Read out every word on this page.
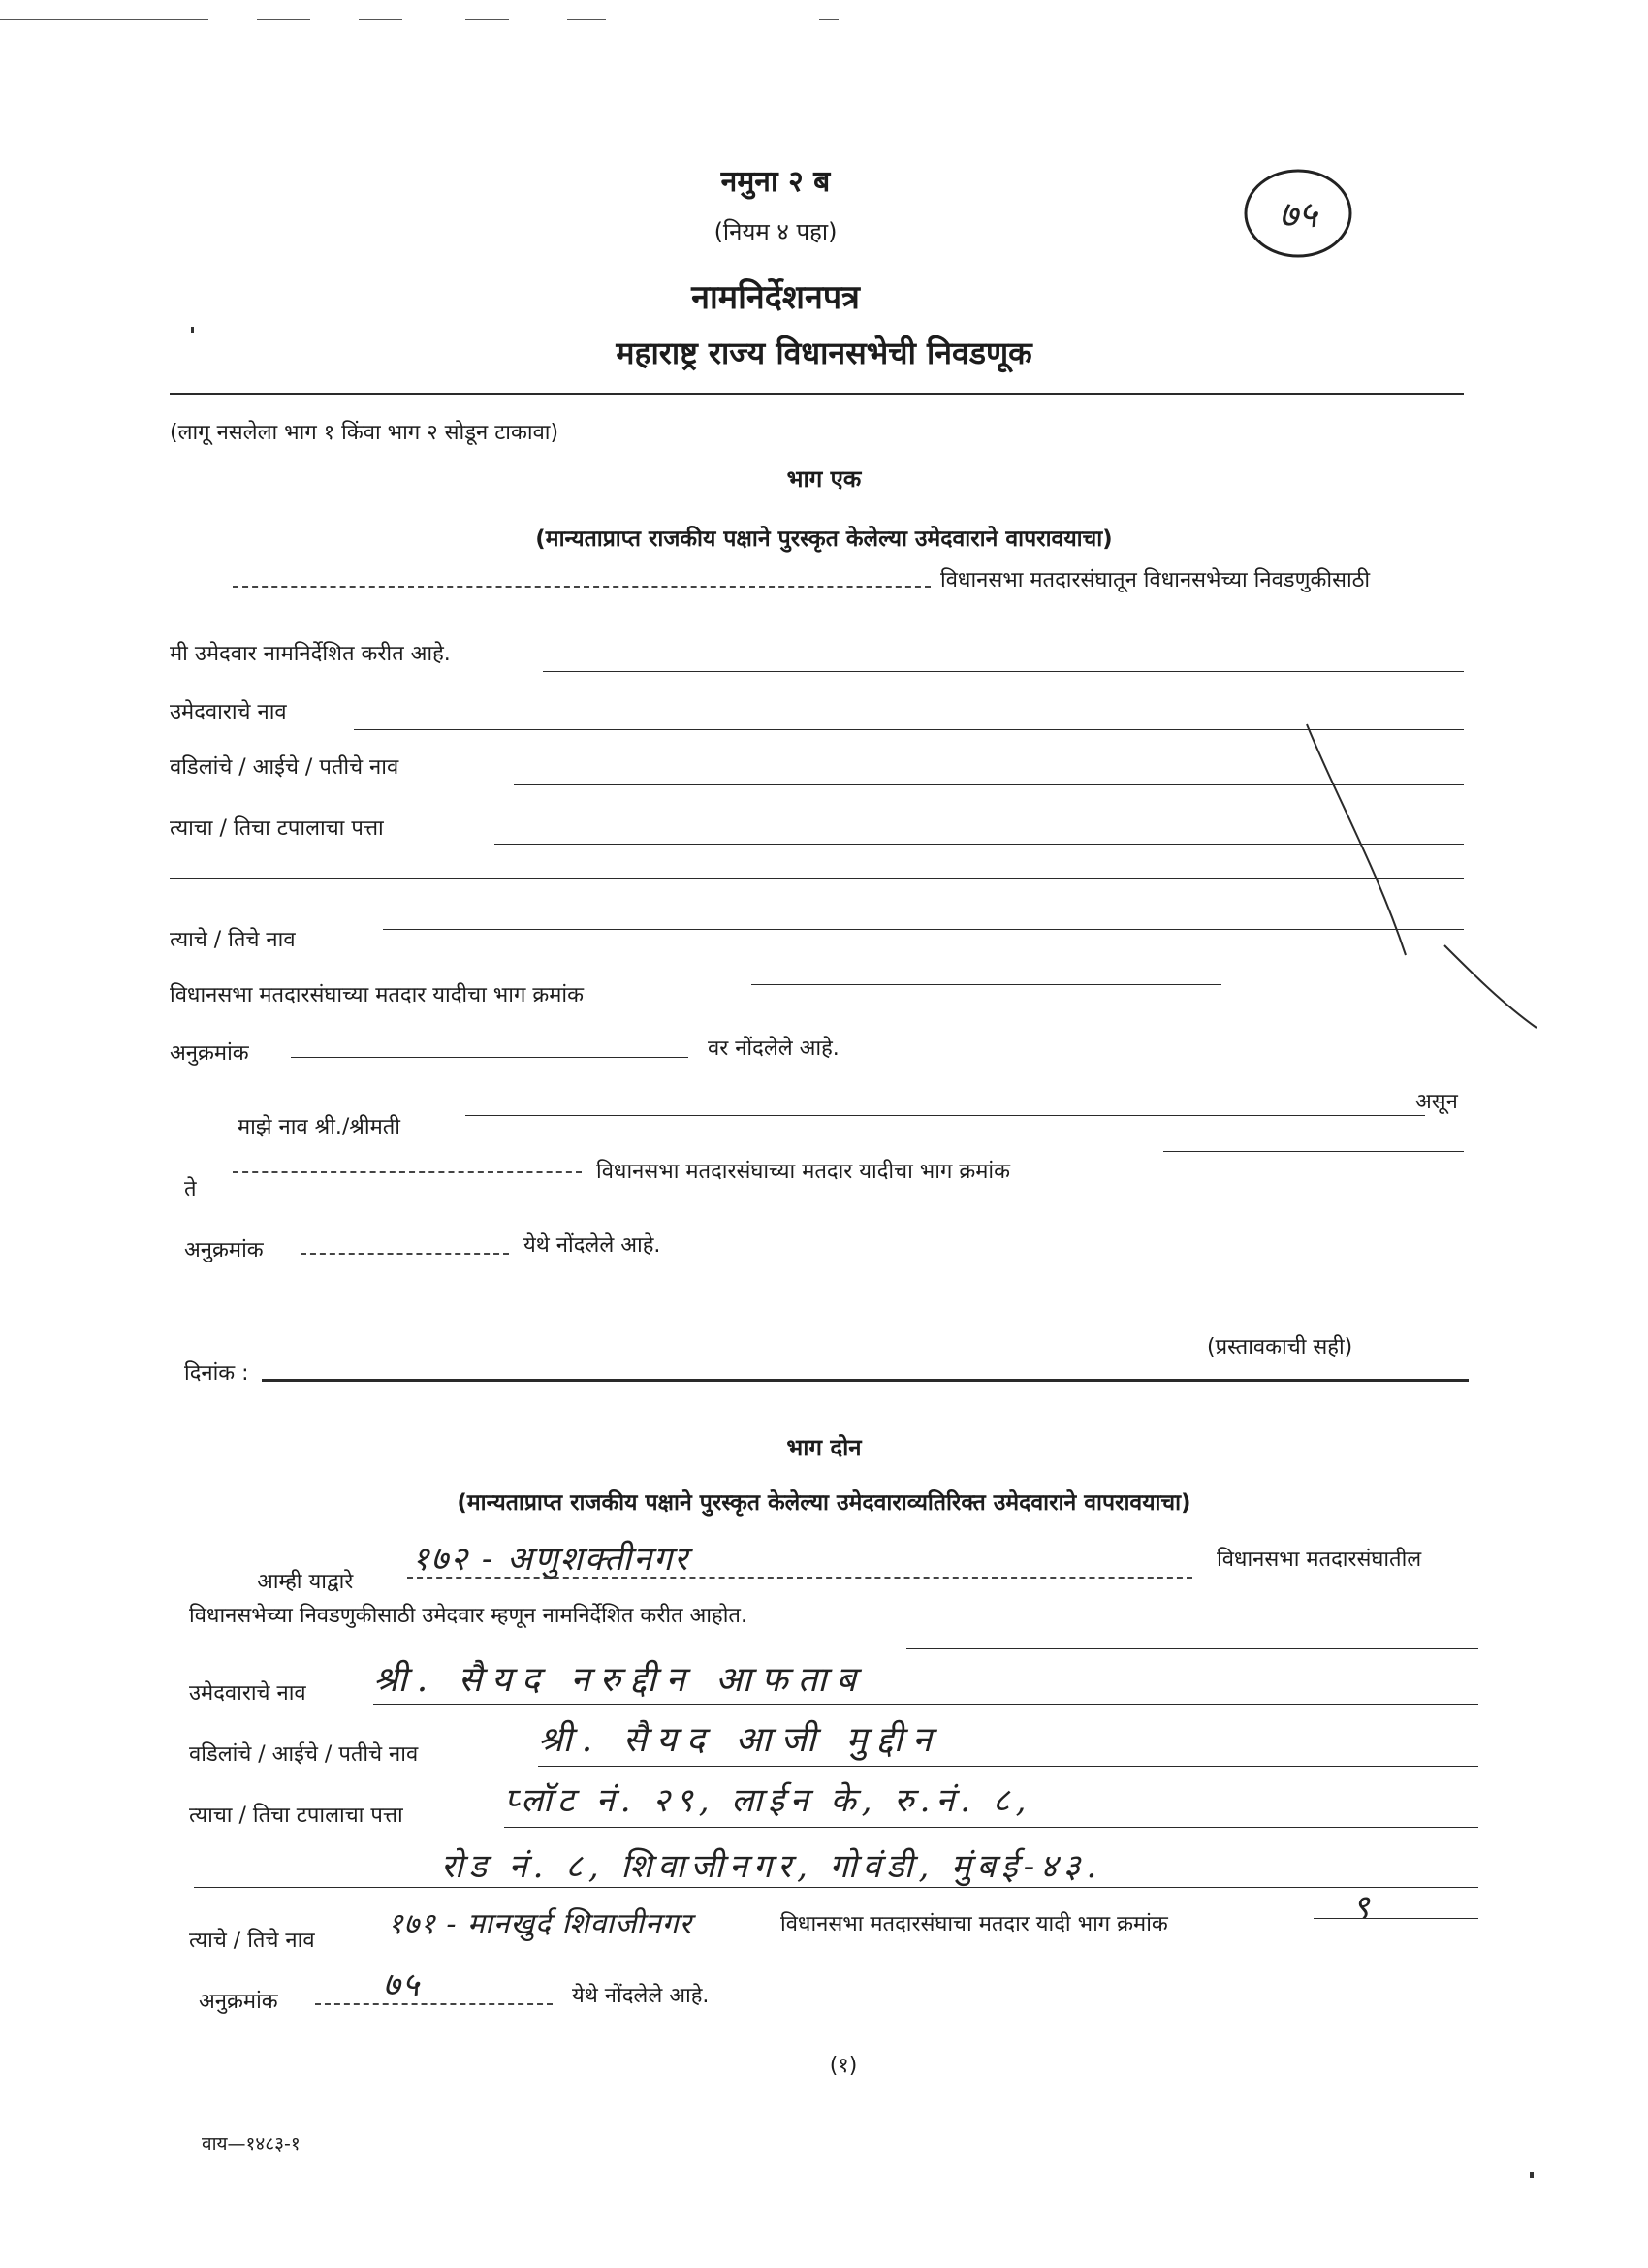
नमुना २ ब
(नियम ४ पहा)
नामनिर्देशनपत्र
महाराष्ट्र राज्य विधानसभेची निवडणूक
७५
(लागू नसलेला भाग १ किंवा भाग २ सोडून टाकावा)
भाग एक
(मान्यताप्राप्त राजकीय पक्षाने पुरस्कृत केलेल्या उमेदवाराने वापरावयाचा)
विधानसभा मतदारसंघातून विधानसभेच्या निवडणुकीसाठी
मी उमेदवार नामनिर्देशित करीत आहे.
उमेदवाराचे नाव
वडिलांचे / आईचे / पतीचे नाव
त्याचा / तिचा टपालाचा पत्ता
त्याचे / तिचे नाव
विधानसभा मतदारसंघाच्या मतदार यादीचा भाग क्रमांक
अनुक्रमांक	वर नोंदलेले आहे.
माझे नाव श्री./श्रीमती
असून
ते
विधानसभा मतदारसंघाच्या मतदार यादीचा भाग क्रमांक
अनुक्रमांक	येथे नोंदलेले आहे.
(प्रस्तावकाची सही)
दिनांक :
भाग दोन
(मान्यताप्राप्त राजकीय पक्षाने पुरस्कृत केलेल्या उमेदवाराव्यतिरिक्त उमेदवाराने वापरावयाचा)
आम्ही याद्वारे
१७२ - अणुशक्तीनगर	विधानसभा मतदारसंघातील
विधानसभेच्या निवडणुकीसाठी उमेदवार म्हणून नामनिर्देशित करीत आहोत.
उमेदवाराचे नाव श्री. सैयद नरुद्दीन आफताब
वडिलांचे / आईचे / पतीचे नाव	श्री. सैयद आजी मुद्दीन
त्याचा / तिचा टपालाचा पत्ता	प्लॉट नं. २९, लाईन के, रु.नं. ८,
रोड नं. ८, शिवाजीनगर, गोवंडी, मुंबई-४३.
त्याचे / तिचे नाव	१७१ - मानखुर्द शिवाजीनगर	विधानसभा मतदारसंघाचा मतदार यादी भाग क्रमांक	९
अनुक्रमांक	७५	येथे नोंदलेले आहे.
(१)
वाय—१४८३-१
